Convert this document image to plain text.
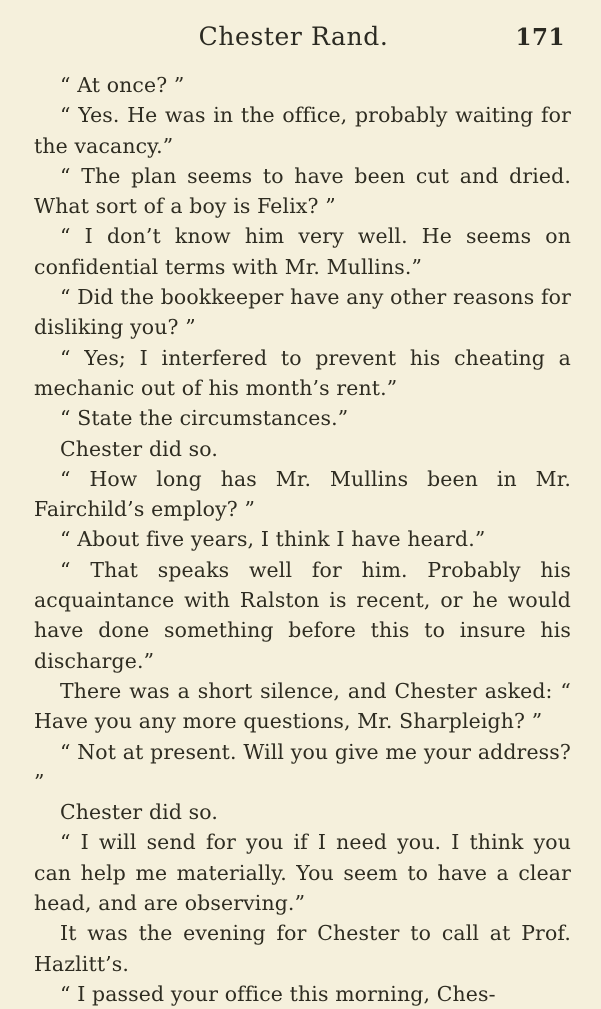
Chester Rand.	171

“ At once? ”

“ Yes. He was in the office, probably waiting for the vacancy.”

“ The plan seems to have been cut and dried. What sort of a boy is Felix? ”

“ I don’t know him very well. He seems on confidential terms with Mr. Mullins.”

“ Did the bookkeeper have any other reasons for disliking you? ”

“ Yes; I interfered to prevent his cheating a mechanic out of his month’s rent.”

“ State the circumstances.”

Chester did so.

“ How long has Mr. Mullins been in Mr. Fairchild’s employ? ”

“ About five years, I think I have heard.”

“ That speaks well for him. Probably his acquaintance with Ralston is recent, or he would have done something before this to insure his discharge.”

There was a short silence, and Chester asked: “ Have you any more questions, Mr. Sharpleigh? ”

“ Not at present. Will you give me your address? ”

Chester did so.

“ I will send for you if I need you. I think you can help me materially. You seem to have a clear head, and are observing.”

It was the evening for Chester to call at Prof. Hazlitt’s.

“ I passed your office this morning, Ches-
